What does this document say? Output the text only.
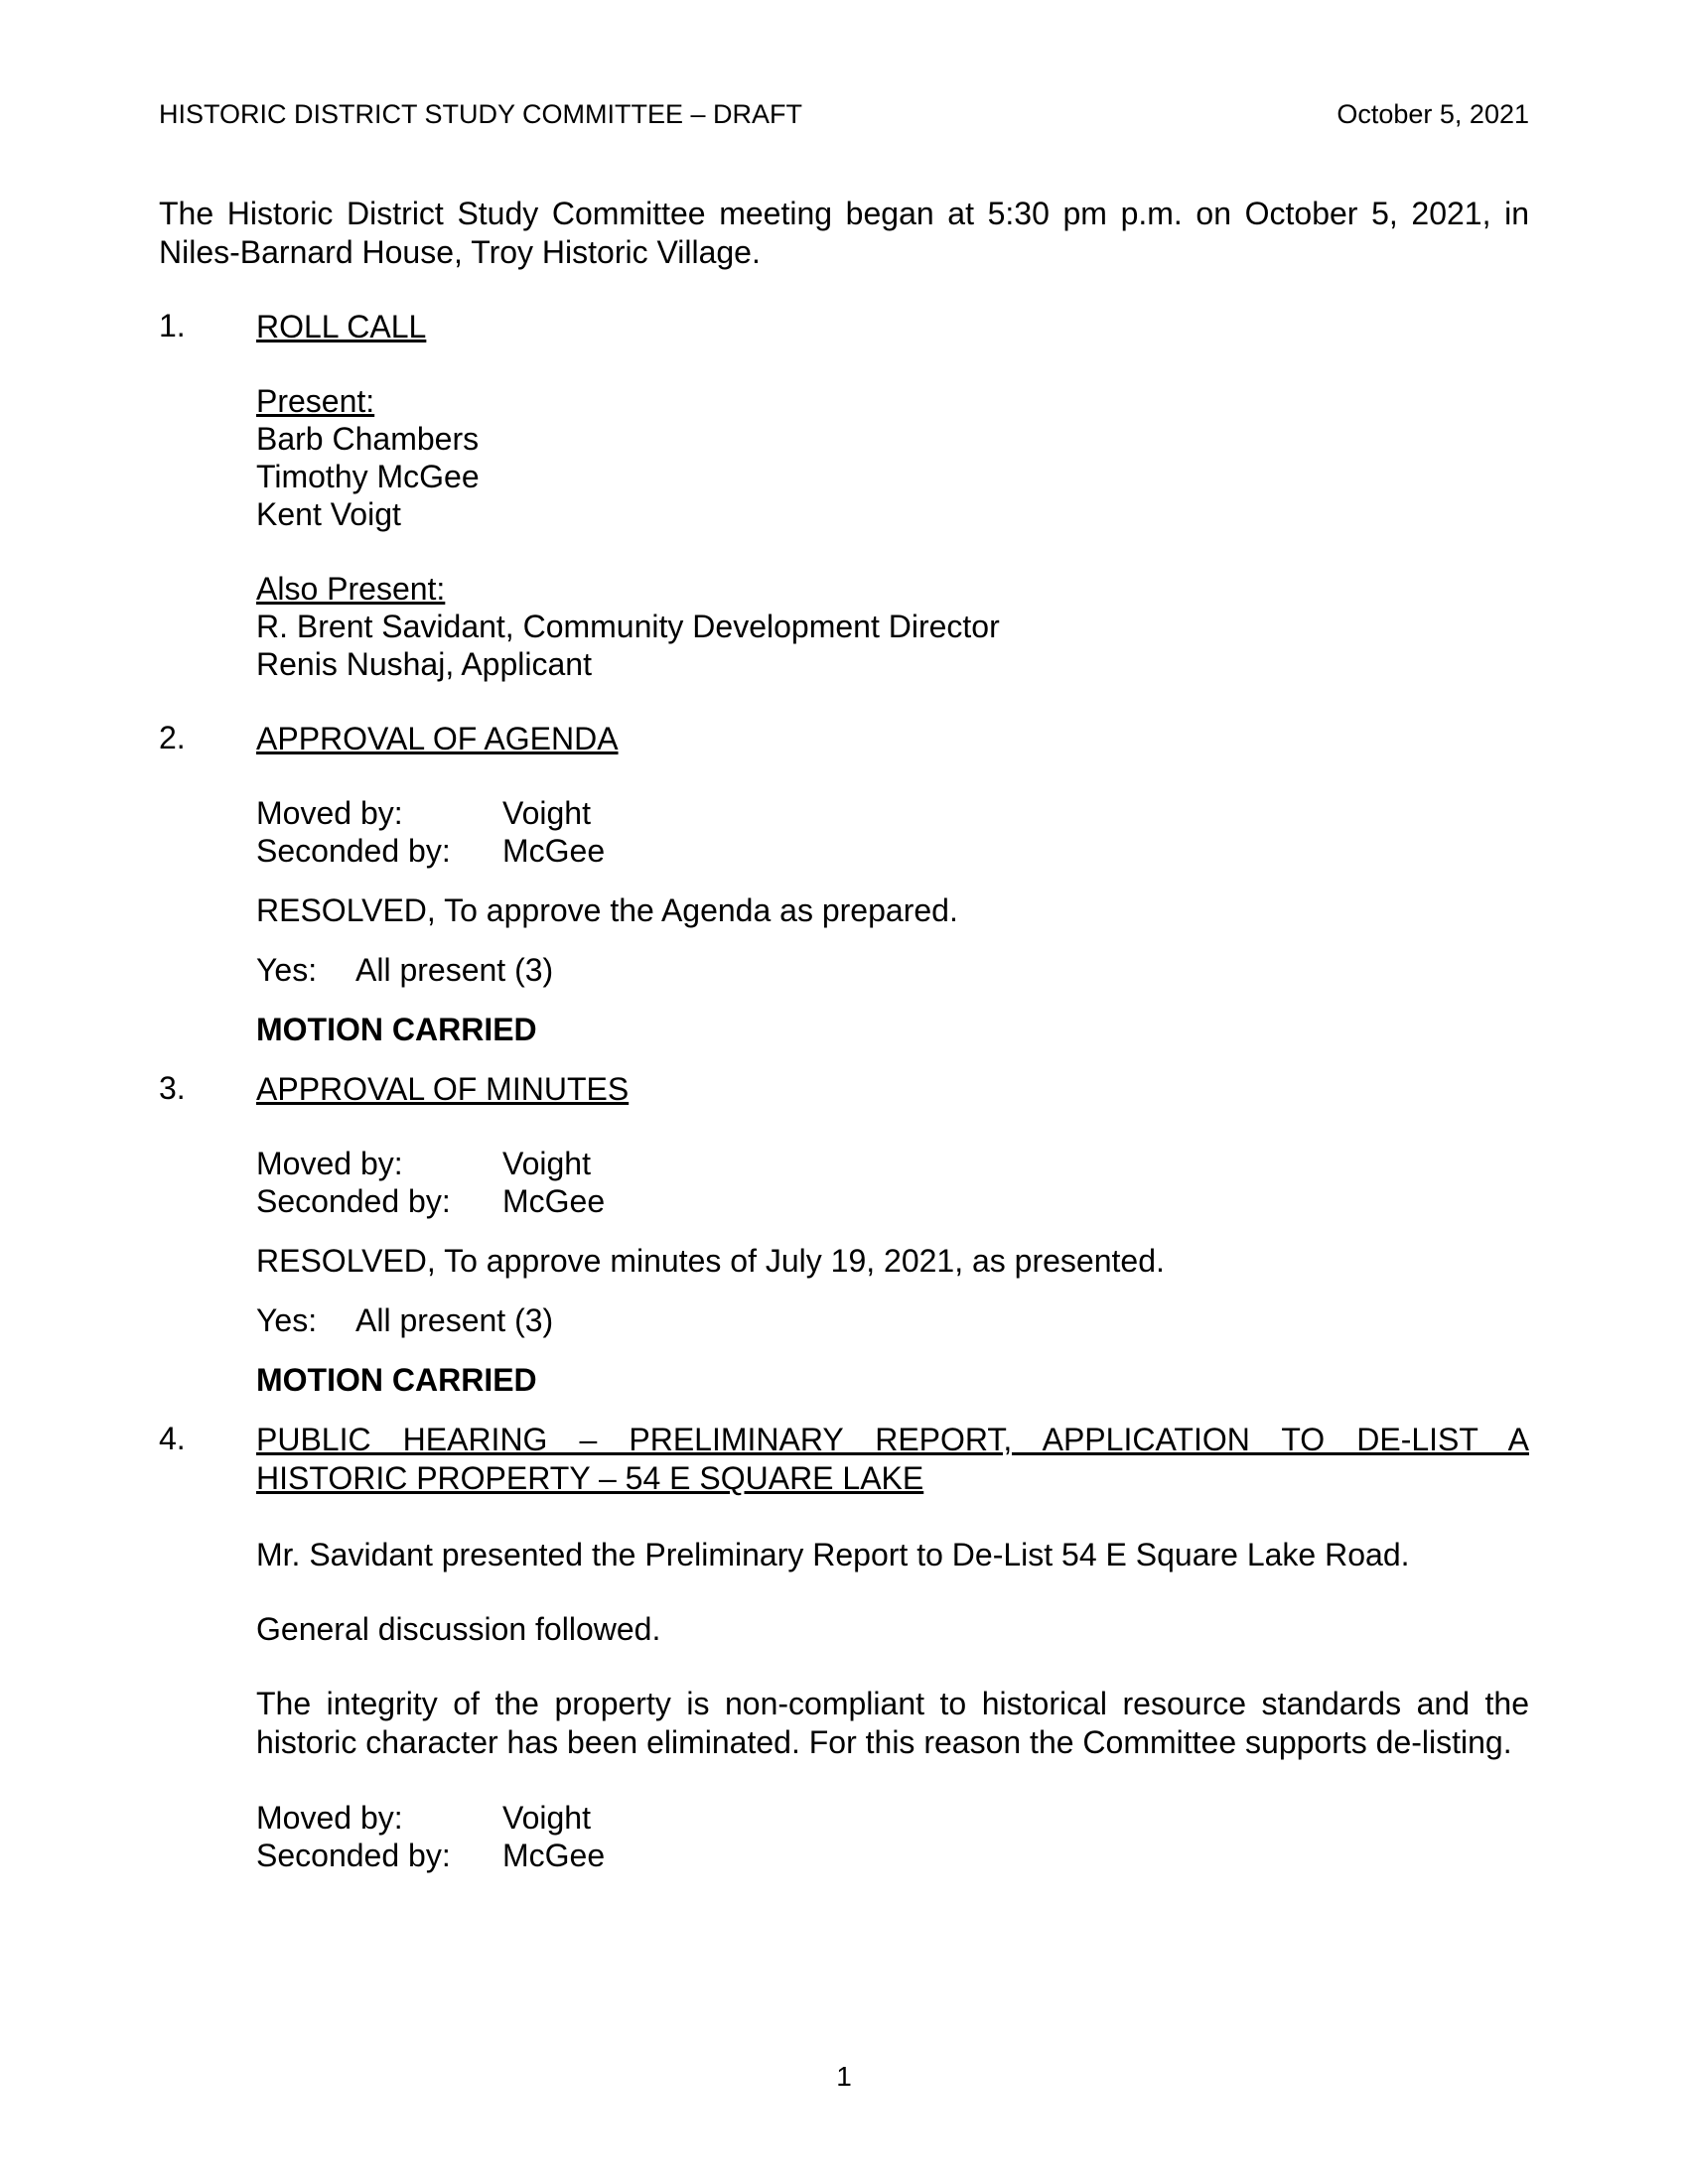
HISTORIC DISTRICT STUDY COMMITTEE – DRAFT	October 5, 2021
The Historic District Study Committee meeting began at 5:30 pm p.m. on October 5, 2021, in Niles-Barnard House, Troy Historic Village.
1.	ROLL CALL
Present:
Barb Chambers
Timothy McGee
Kent Voigt
Also Present:
R. Brent Savidant, Community Development Director
Renis Nushaj, Applicant
2.	APPROVAL OF AGENDA
Moved by:	Voight
Seconded by:	McGee
RESOLVED, To approve the Agenda as prepared.
Yes:	All present (3)
MOTION CARRIED
3.	APPROVAL OF MINUTES
Moved by:	Voight
Seconded by:	McGee
RESOLVED, To approve minutes of July 19, 2021, as presented.
Yes:	All present (3)
MOTION CARRIED
4.	PUBLIC HEARING – PRELIMINARY REPORT, APPLICATION TO DE-LIST A
HISTORIC PROPERTY – 54 E SQUARE LAKE
Mr. Savidant presented the Preliminary Report to De-List 54 E Square Lake Road.
General discussion followed.
The integrity of the property is non-compliant to historical resource standards and the historic character has been eliminated. For this reason the Committee supports de-listing.
Moved by:	Voight
Seconded by:	McGee
1
